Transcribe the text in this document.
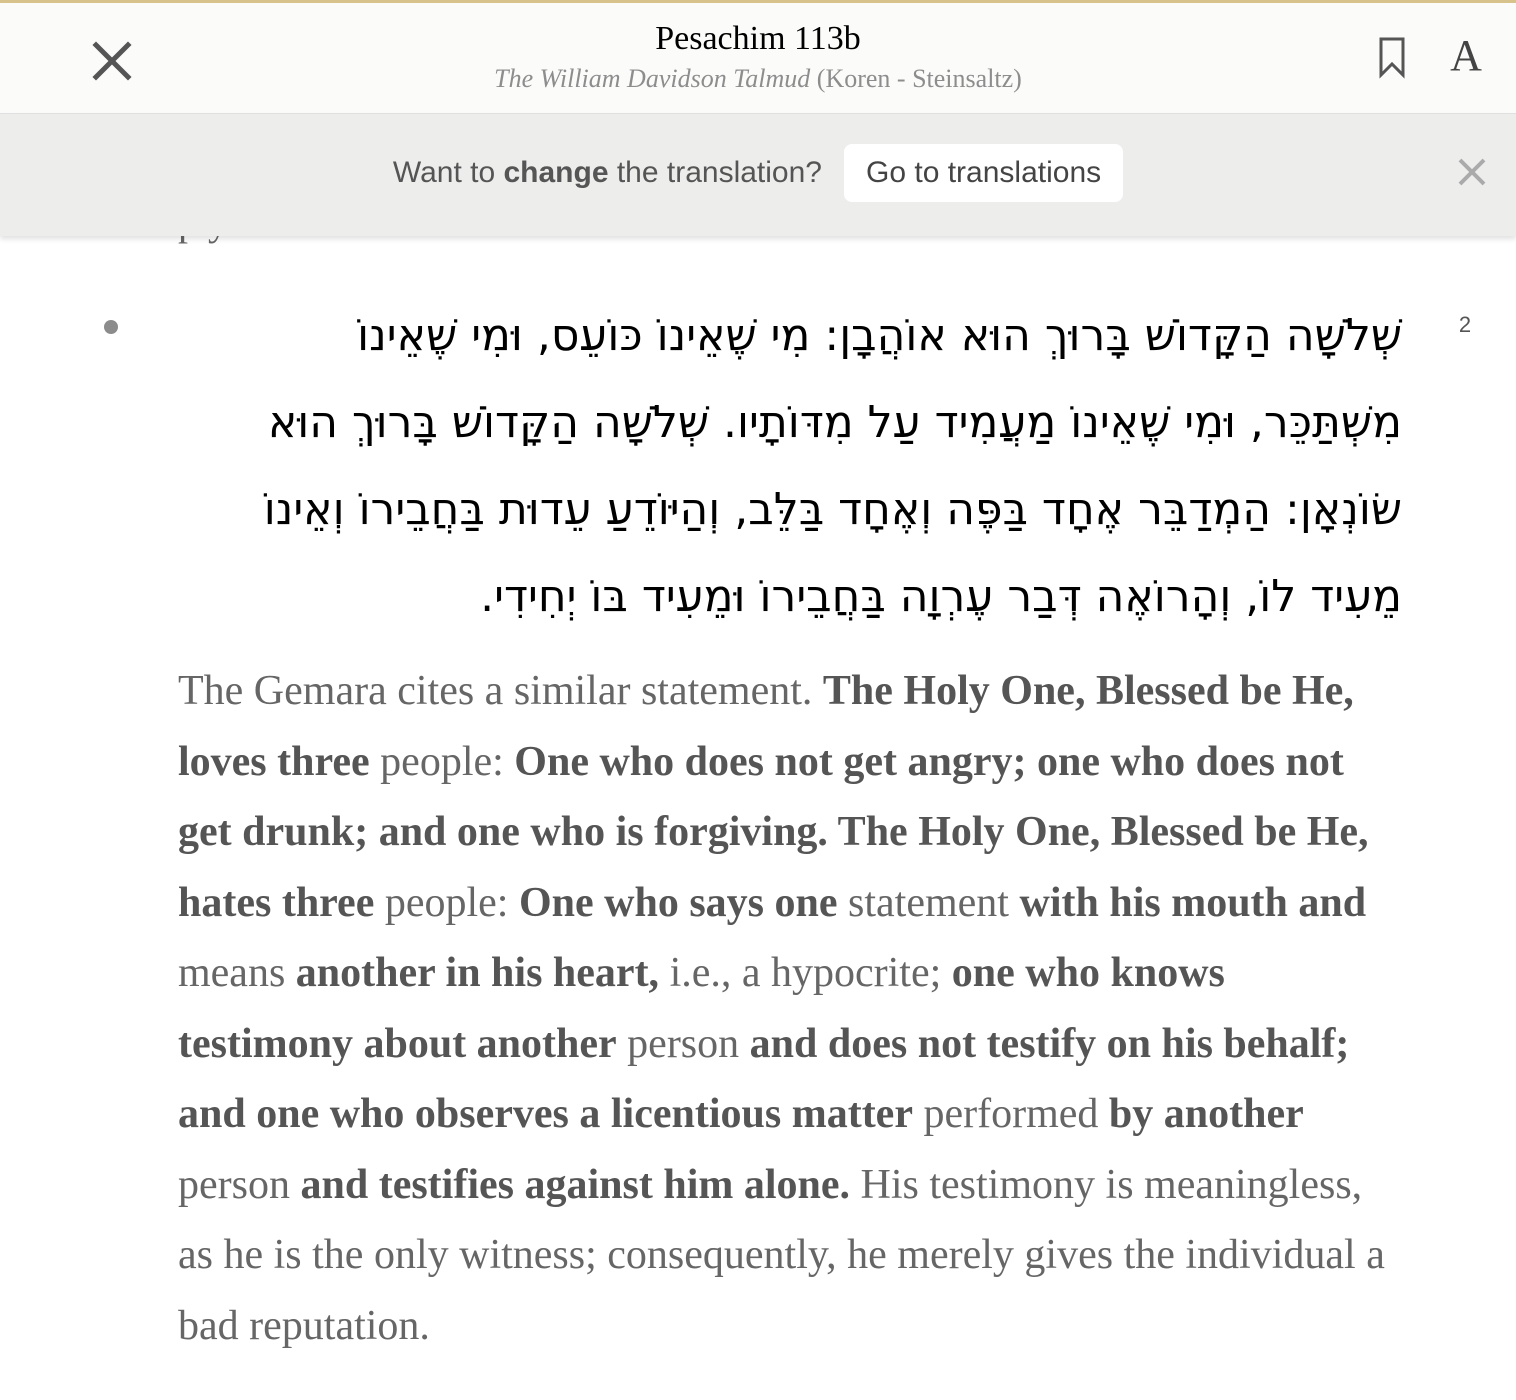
Pesachim 113b
The William Davidson Talmud (Koren - Steinsaltz)	A
Want to change the translation?	Go to translations
2
שְׁלֹשָׁה הַקָּדוֹשׁ בָּרוּךְ הוּא אוֹהֲבָן: מִי שֶׁאֵינוֹ כּוֹעֵס, וּמִי שֶׁאֵינוֹ
מִשְׁתַּכֵּר, וּמִי שֶׁאֵינוֹ מַעֲמִיד עַל מִדּוֹתָיו. שְׁלֹשָׁה הַקָּדוֹשׁ בָּרוּךְ הוּא
שׂוֹנְאָן: הַמְדַבֵּר אֶחָד בַּפֶּה וְאֶחָד בַּלֵּב, וְהַיּוֹדֵעַ עֵדוּת בַּחֲבֵירוֹ וְאֵינוֹ
מֵעִיד לוֹ, וְהָרוֹאֶה דְּבַר עֶרְוָה בַּחֲבֵירוֹ וּמֵעִיד בּוֹ יְחִידִי.
The Gemara cites a similar statement. The Holy One, Blessed be He,
loves three people: One who does not get angry; one who does not
get drunk; and one who is forgiving. The Holy One, Blessed be He,
hates three people: One who says one statement with his mouth and
means another in his heart, i.e., a hypocrite; one who knows
testimony about another person and does not testify on his behalf;
and one who observes a licentious matter performed by another
person and testifies against him alone. His testimony is meaningless,
as he is the only witness; consequently, he merely gives the individual a
bad reputation.
